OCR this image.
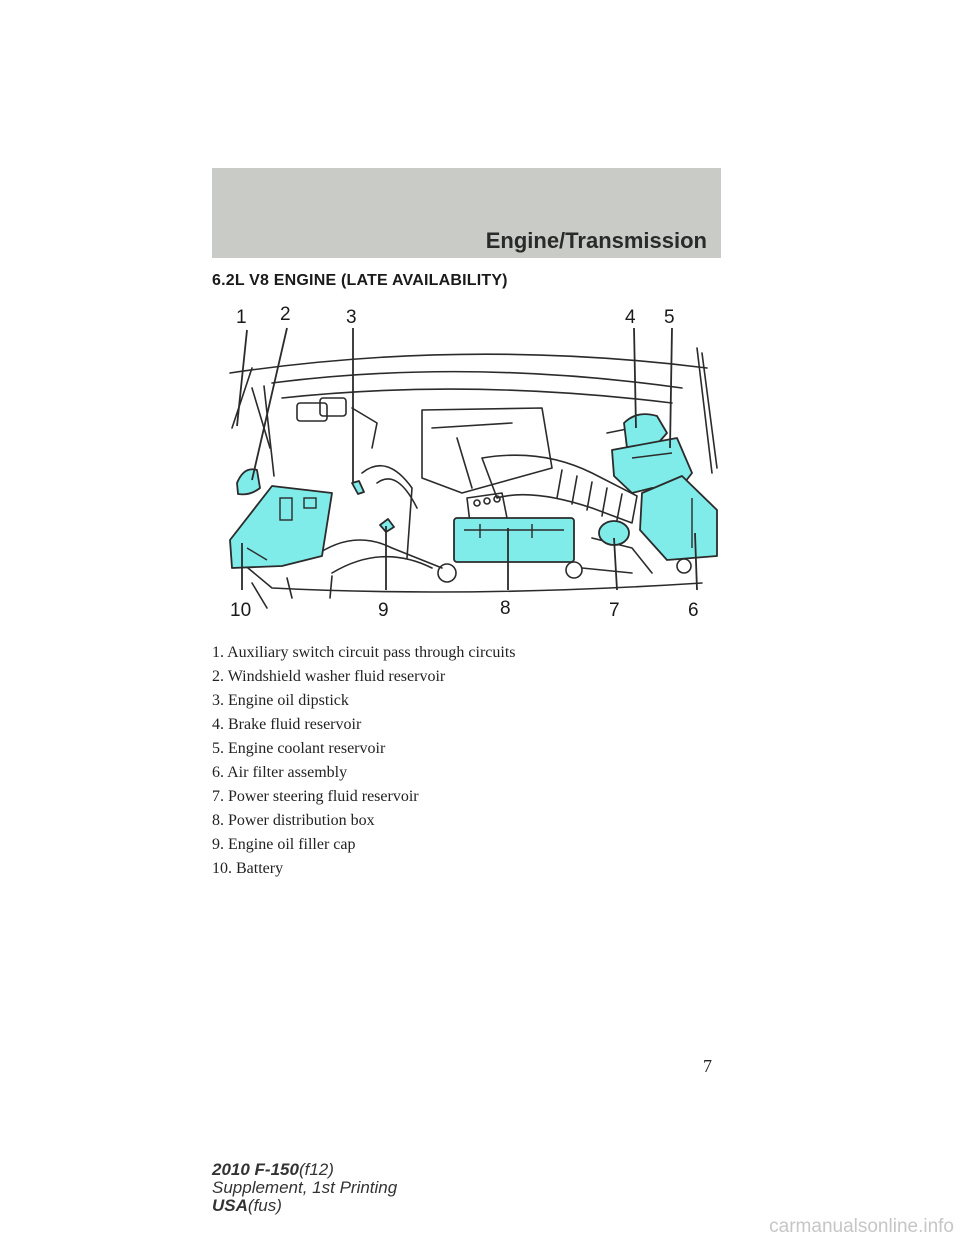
Engine/Transmission
6.2L V8 ENGINE (LATE AVAILABILITY)
1 2	3	4 5
10	9	8	7	6
1. Auxiliary switch circuit pass through circuits
2. Windshield washer fluid reservoir
3. Engine oil dipstick
4. Brake fluid reservoir
5. Engine coolant reservoir
6. Air filter assembly
7. Power steering fluid reservoir
8. Power distribution box
9. Engine oil filler cap
10. Battery
7
2010 F-150(f12)
Supplement, 1st Printing
USA(fus)
carmanualsonline.info
